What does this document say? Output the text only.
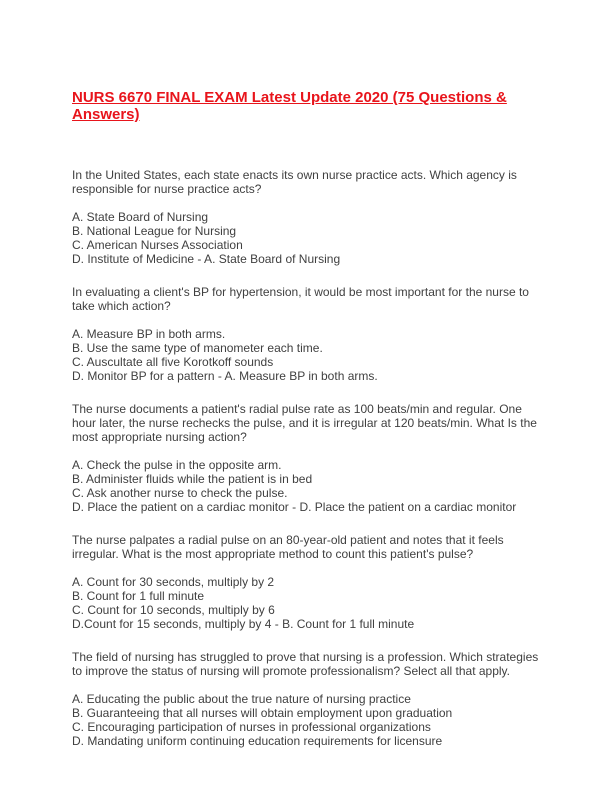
NURS 6670 FINAL EXAM Latest Update 2020 (75 Questions & Answers)

In the United States, each state enacts its own nurse practice acts. Which agency is responsible for nurse practice acts?

A. State Board of Nursing
B. National League for Nursing
C. American Nurses Association
D. Institute of Medicine - A. State Board of Nursing

In evaluating a client's BP for hypertension, it would be most important for the nurse to take which action?

A. Measure BP in both arms.
B. Use the same type of manometer each time.
C. Auscultate all five Korotkoff sounds
D. Monitor BP for a pattern - A. Measure BP in both arms.

The nurse documents a patient's radial pulse rate as 100 beats/min and regular. One hour later, the nurse rechecks the pulse, and it is irregular at 120 beats/min. What Is the most appropriate nursing action?

A. Check the pulse in the opposite arm.
B. Administer fluids while the patient is in bed
C. Ask another nurse to check the pulse.
D. Place the patient on a cardiac monitor - D. Place the patient on a cardiac monitor

The nurse palpates a radial pulse on an 80-year-old patient and notes that it feels irregular. What is the most appropriate method to count this patient's pulse?

A. Count for 30 seconds, multiply by 2
B. Count for 1 full minute
C. Count for 10 seconds, multiply by 6
D.Count for 15 seconds, multiply by 4 - B. Count for 1 full minute

The field of nursing has struggled to prove that nursing is a profession. Which strategies to improve the status of nursing will promote professionalism? Select all that apply.

A. Educating the public about the true nature of nursing practice
B. Guaranteeing that all nurses will obtain employment upon graduation
C. Encouraging participation of nurses in professional organizations
D. Mandating uniform continuing education requirements for licensure
